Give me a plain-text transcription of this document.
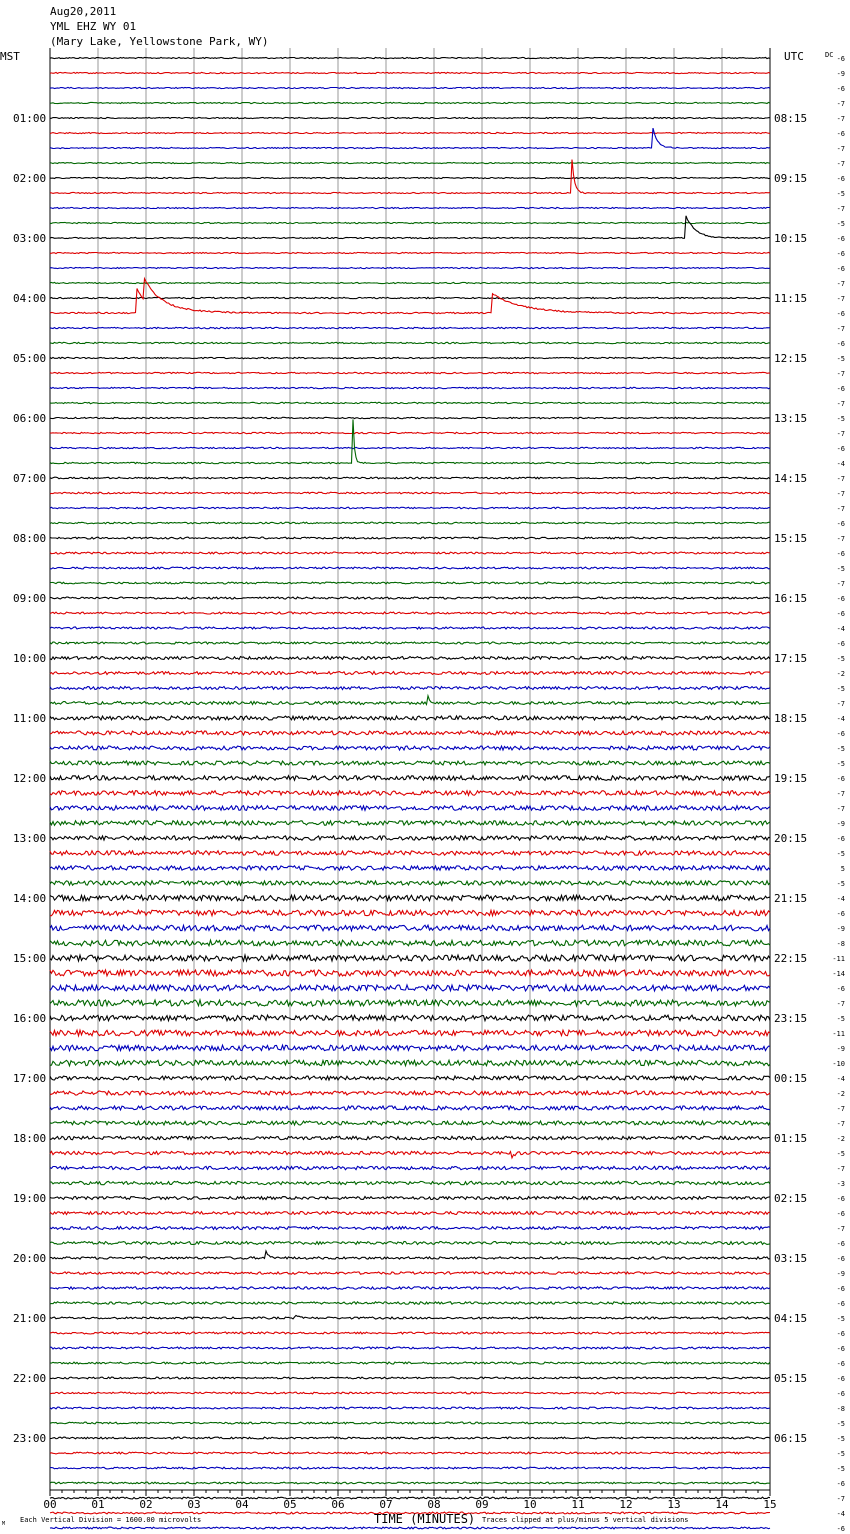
Aug20,2011
YML EHZ WY 01
(Mary Lake, Yellowstone Park, WY)
01:00
02:00
03:00
04:00
05:00
06:00
07:00
08:00
09:00
10:00
11:00
12:00
13:00
14:00
15:00
16:00
17:00
18:00
19:00
20:00
21:00
22:00
23:00
08:15
09:15
10:15
11:15
12:15
13:15
14:15
15:15
16:15
17:15
18:15
19:15
20:15
21:15
22:15
23:15
00:15
01:15
02:15
03:15
04:15
05:15
06:15
-6
-9
-6
-7
-7
-6
-7
-7
-6
-5
-7
-5
-6
-6
-6
-7
-7
-6
-7
-6
-5
-7
-6
-7
-5
-7
-6
-4
-7
-7
-7
-6
-7
-6
-5
-7
-6
-6
-4
-6
-5
-2
-5
-7
-4
-6
-5
-5
-6
-7
-7
-9
-6
-5
5
-5
-4
-6
-9
-8
-11
-14
-6
-7
-5
-11
-9
-10
-4
-2
-7
-7
-2
-5
-7
-3
-6
-6
-7
-6
-6
-9
-6
-6
-5
-6
-6
-6
-6
-6
-8
-5
-5
-5
-5
-6
-7
-4
-6
00	01	02	03	04	05	06	07	08	09	10	11	12	13	14	15
MST	UTC	DC
TIME (MINUTES)
Each Vertical Division = 1600.00 microvolts	Traces clipped at plus/minus 5 vertical divisions
M
